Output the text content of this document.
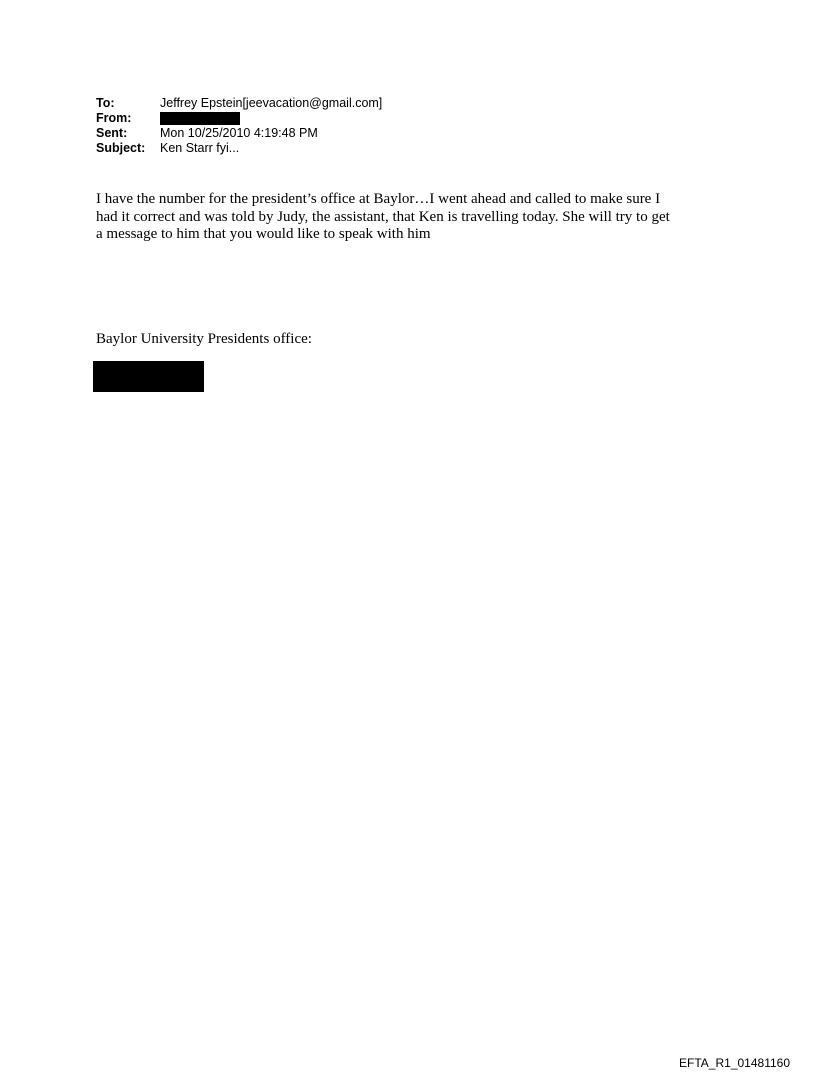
To:	Jeffrey Epstein[jeevacation@gmail.com]
From:
Sent:	Mon 10/25/2010 4:19:48 PM
Subject:	Ken Starr fyi...
I have the number for the president’s office at Baylor…I went ahead and called to make sure I
had it correct and was told by Judy, the assistant, that Ken is travelling today. She will try to get
a message to him that you would like to speak with him
Baylor University Presidents office:
EFTA_R1_01481160
